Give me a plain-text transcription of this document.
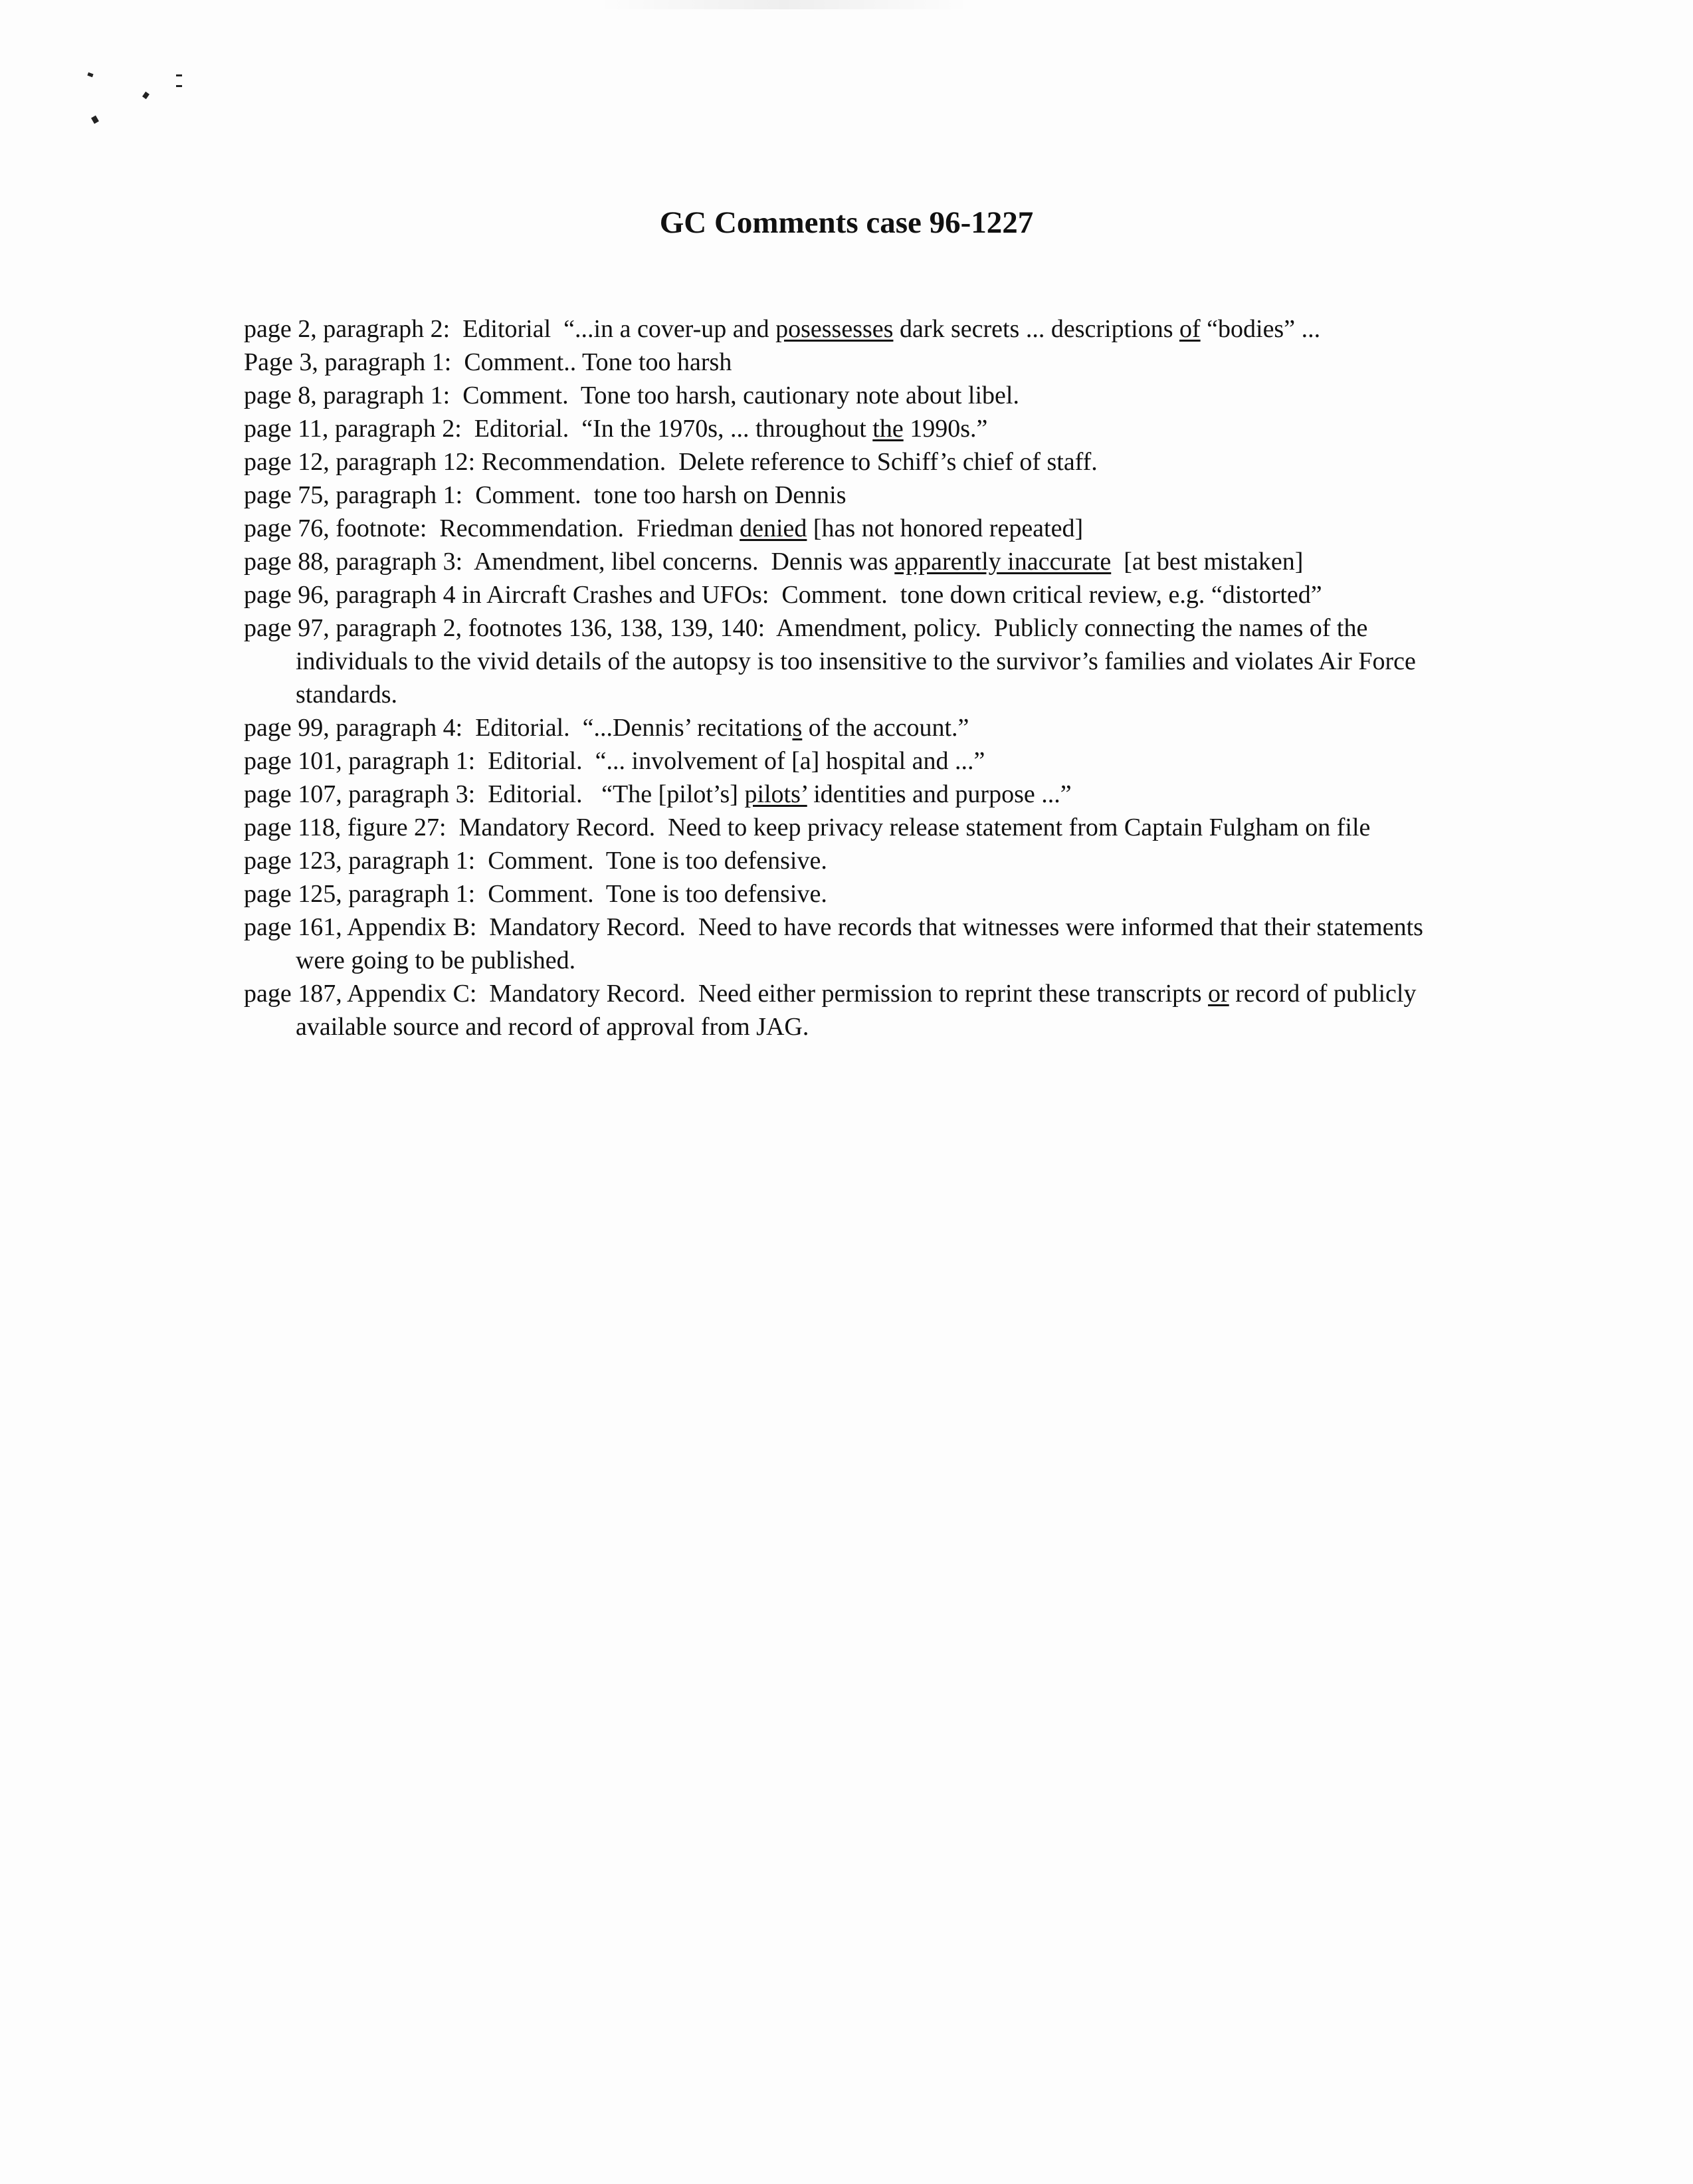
GC Comments case 96-1227
page 2, paragraph 2:  Editorial  “...in a cover-up and posessesses dark secrets ... descriptions of “bodies” ...
Page 3, paragraph 1:  Comment.. Tone too harsh
page 8, paragraph 1:  Comment.  Tone too harsh, cautionary note about libel.
page 11, paragraph 2:  Editorial.  “In the 1970s, ... throughout the 1990s.”
page 12, paragraph 12: Recommendation.  Delete reference to Schiff’s chief of staff.
page 75, paragraph 1:  Comment.  tone too harsh on Dennis
page 76, footnote:  Recommendation.  Friedman denied [has not honored repeated]
page 88, paragraph 3:  Amendment, libel concerns.  Dennis was apparently inaccurate  [at best mistaken]
page 96, paragraph 4 in Aircraft Crashes and UFOs:  Comment.  tone down critical review, e.g. “distorted”
page 97, paragraph 2, footnotes 136, 138, 139, 140:  Amendment, policy.  Publicly connecting the names of the individuals to the vivid details of the autopsy is too insensitive to the survivor’s families and violates Air Force standards.
page 99, paragraph 4:  Editorial.  “...Dennis’ recitations of the account.”
page 101, paragraph 1:  Editorial.  “... involvement of [a] hospital and ...”
page 107, paragraph 3:  Editorial.   “The [pilot’s] pilots’ identities and purpose ...”
page 118, figure 27:  Mandatory Record.  Need to keep privacy release statement from Captain Fulgham on file
page 123, paragraph 1:  Comment.  Tone is too defensive.
page 125, paragraph 1:  Comment.  Tone is too defensive.
page 161, Appendix B:  Mandatory Record.  Need to have records that witnesses were informed that their statements were going to be published.
page 187, Appendix C:  Mandatory Record.  Need either permission to reprint these transcripts or record of publicly available source and record of approval from JAG.
